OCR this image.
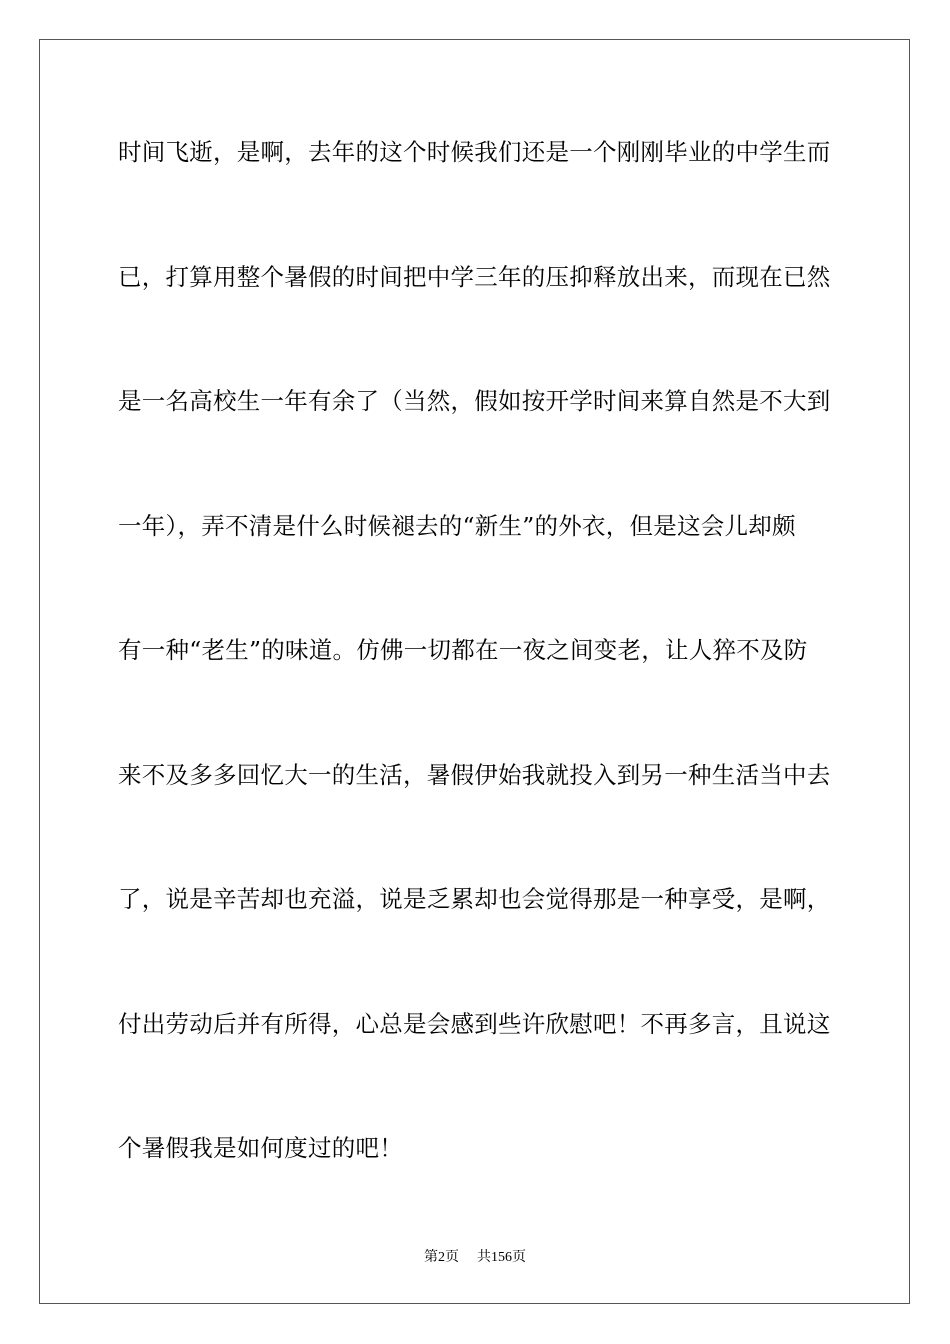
时间飞逝，是啊，去年的这个时候我们还是一个刚刚毕业的中学生而
已，打算用整个暑假的时间把中学三年的压抑释放出来，而现在已然
是一名高校生一年有余了（当然，假如按开学时间来算自然是不大到
一年），弄不清是什么时候褪去的“新生”的外衣，但是这会儿却颇
有一种“老生”的味道。仿佛一切都在一夜之间变老，让人猝不及防
来不及多多回忆大一的生活，暑假伊始我就投入到另一种生活当中去
了，说是辛苦却也充溢，说是乏累却也会觉得那是一种享受，是啊，
付出劳动后并有所得，心总是会感到些许欣慰吧！不再多言，且说这
个暑假我是如何度过的吧！
第2页 共156页
